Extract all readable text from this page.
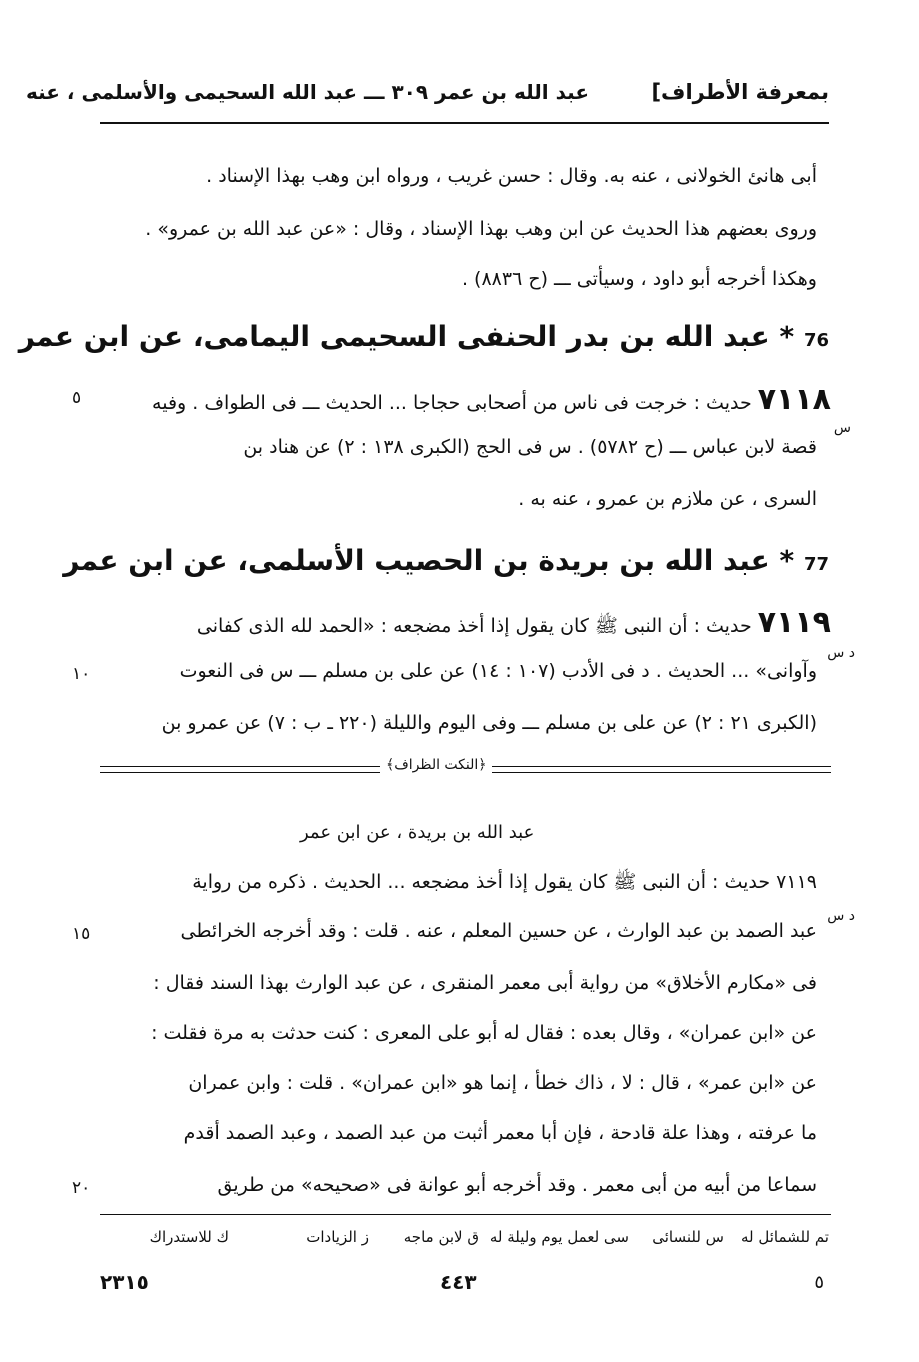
بمعرفة الأطراف]
عبد الله بن عمر ٣٠٩ ـــ عبد الله السحيمى والأسلمى ، عنه
أبى هانئ الخولانى ، عنه به. وقال : حسن غريب ، ورواه ابن وهب بهذا الإسناد .
وروى بعضهم هذا الحديث عن ابن وهب بهذا الإسناد ، وقال : «عن عبد الله بن عمرو» .
وهكذا أخرجه أبو داود ، وسيأتى ـــ (ح ٨٨٣٦) .
76 * عبد الله بن بدر الحنفى السحيمى اليمامى، عن ابن عمر
٧١١٨ حديث : خرجت فى ناس من أصحابى حجاجا ... الحديث ـــ فى الطواف . وفيه
س
٥
قصة لابن عباس ـــ (ح ٥٧٨٢) . س فى الحج (الكبرى ١٣٨ : ٢) عن هناد بن
السرى ، عن ملازم بن عمرو ، عنه به .
77 * عبد الله بن بريدة بن الحصيب الأسلمى، عن ابن عمر
٧١١٩ حديث : أن النبى ﷺ كان يقول إذا أخذ مضجعه : «الحمد لله الذى كفانى
د س
وآوانى» ... الحديث . د فى الأدب (١٠٧ : ١٤) عن على بن مسلم ـــ س فى النعوت
١٠
(الكبرى ٢١ : ٢) عن على بن مسلم ـــ وفى اليوم والليلة (٢٢٠ ـ ب : ٧) عن عمرو بن
﴿النكت الظراف﴾
عبد الله بن بريدة ، عن ابن عمر
٧١١٩ حديث : أن النبى ﷺ كان يقول إذا أخذ مضجعه ... الحديث . ذكره من رواية
د س
عبد الصمد بن عبد الوارث ، عن حسين المعلم ، عنه . قلت : وقد أخرجه الخرائطى
١٥
فى «مكارم الأخلاق» من رواية أبى معمر المنقرى ، عن عبد الوارث بهذا السند فقال :
عن «ابن عمران» ، وقال بعده : فقال له أبو على المعرى : كنت حدثت به مرة فقلت :
عن «ابن عمر» ، قال : لا ، ذاك خطأ ، إنما هو «ابن عمران» . قلت : وابن عمران
ما عرفته ، وهذا علة قادحة ، فإن أبا معمر أثبت من عبد الصمد ، وعبد الصمد أقدم
سماعا من أبيه من أبى معمر . وقد أخرجه أبو عوانة فى «صحيحه» من طريق
٢٠
تم للشمائل له
س للنسائى
سى لعمل يوم وليلة له
ق لابن ماجه
ز الزيادات
ك للاستدراك
٢٣١٥	٤٤٣	٥
